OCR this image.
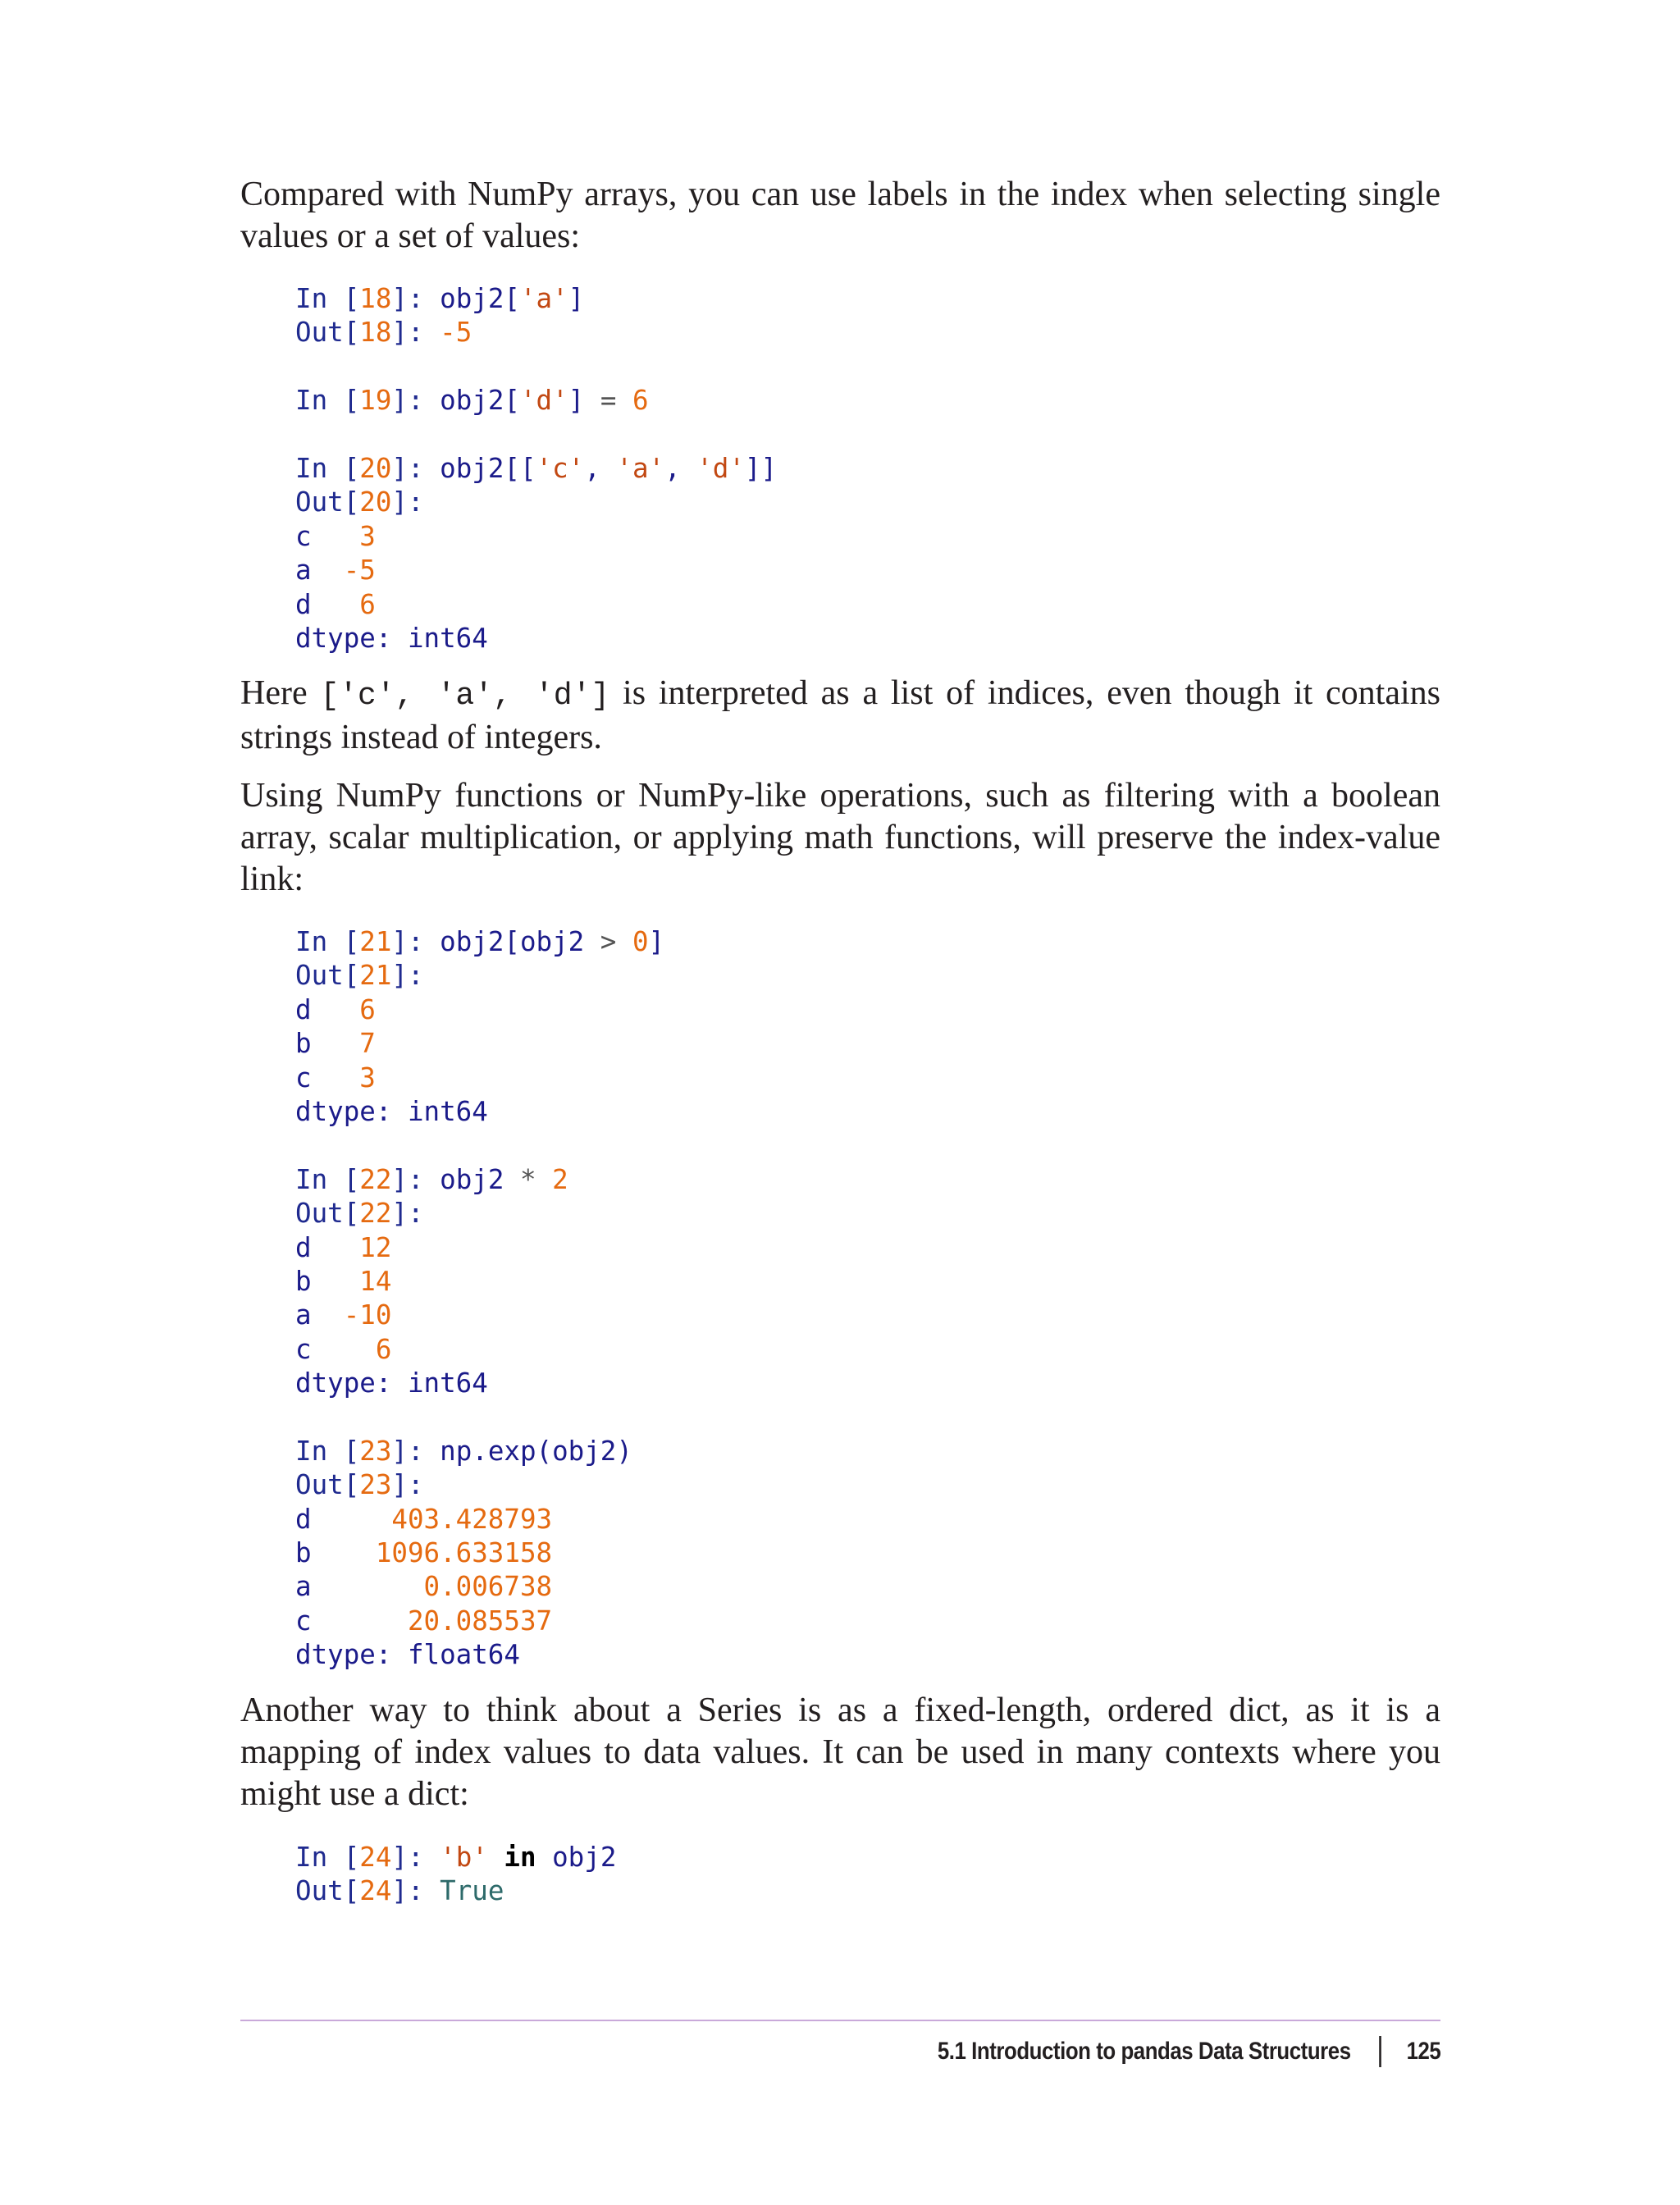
Compared with NumPy arrays, you can use labels in the index when selecting single values or a set of values:

In [18]: obj2['a']
Out[18]: -5

In [19]: obj2['d'] = 6

In [20]: obj2[['c', 'a', 'd']]
Out[20]:
c   3
a  -5
d   6
dtype: int64

Here ['c', 'a', 'd'] is interpreted as a list of indices, even though it contains strings instead of integers.

Using NumPy functions or NumPy-like operations, such as filtering with a boolean array, scalar multiplication, or applying math functions, will preserve the index-value link:

In [21]: obj2[obj2 > 0]
Out[21]:
d   6
b   7
c   3
dtype: int64

In [22]: obj2 * 2
Out[22]:
d   12
b   14
a  -10
c    6
dtype: int64

In [23]: np.exp(obj2)
Out[23]:
d     403.428793
b    1096.633158
a       0.006738
c      20.085537
dtype: float64

Another way to think about a Series is as a fixed-length, ordered dict, as it is a mapping of index values to data values. It can be used in many contexts where you might use a dict:

In [24]: 'b' in obj2
Out[24]: True
5.1 Introduction to pandas Data Structures 125
